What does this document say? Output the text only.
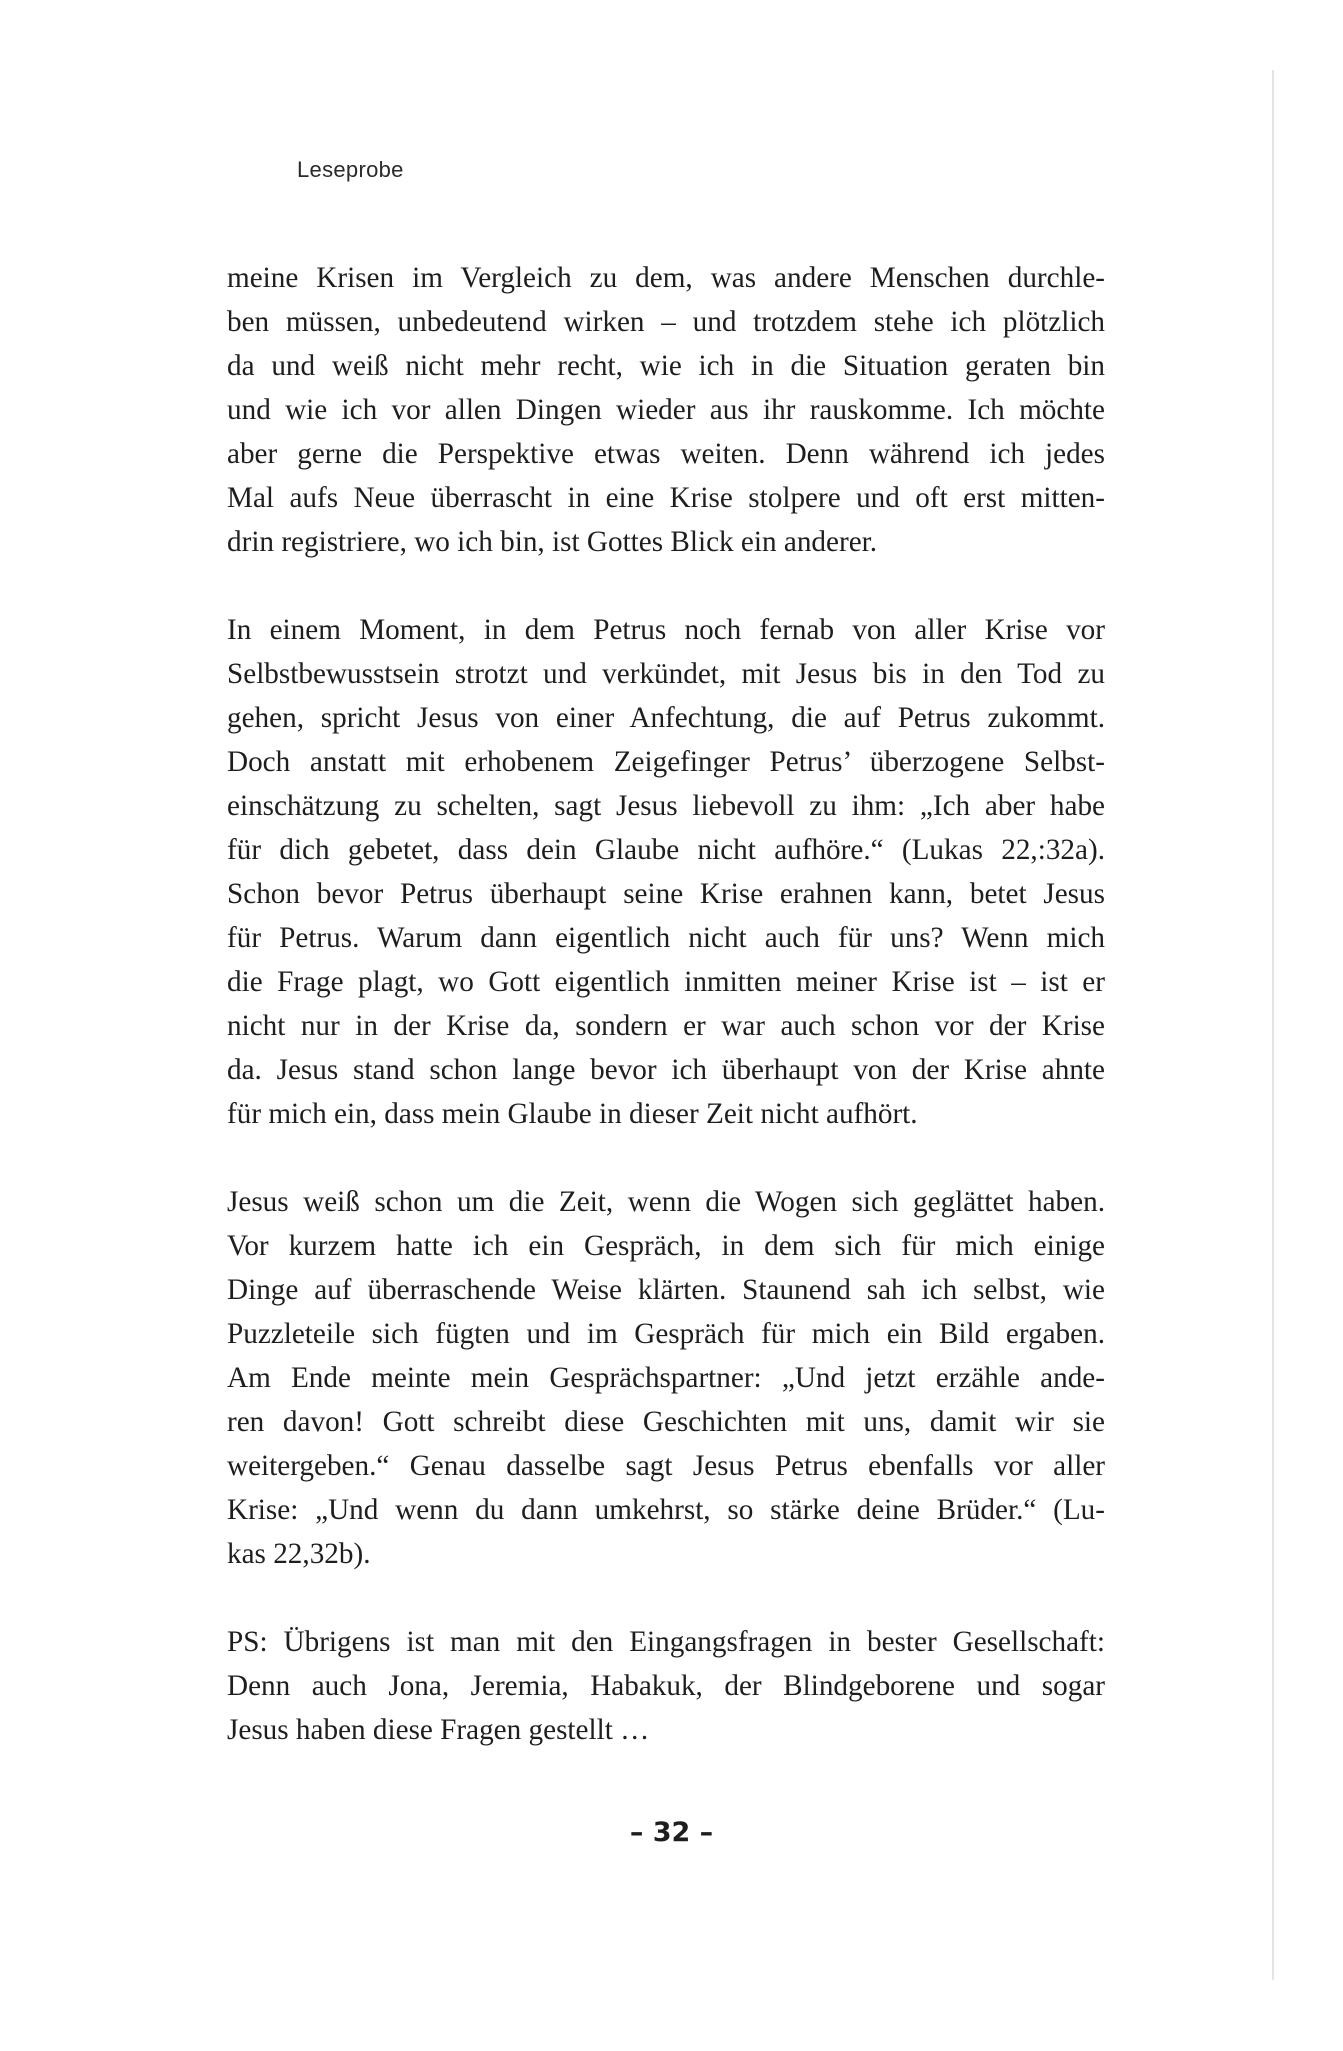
Leseprobe
meine Krisen im Vergleich zu dem, was andere Menschen durchle-
ben müssen, unbedeutend wirken – und trotzdem stehe ich plötzlich
da und weiß nicht mehr recht, wie ich in die Situation geraten bin
und wie ich vor allen Dingen wieder aus ihr rauskomme. Ich möchte
aber gerne die Perspektive etwas weiten. Denn während ich jedes
Mal aufs Neue überrascht in eine Krise stolpere und oft erst mitten-
drin registriere, wo ich bin, ist Gottes Blick ein anderer.
In einem Moment, in dem Petrus noch fernab von aller Krise vor
Selbstbewusstsein strotzt und verkündet, mit Jesus bis in den Tod zu
gehen, spricht Jesus von einer Anfechtung, die auf Petrus zukommt.
Doch anstatt mit erhobenem Zeigefinger Petrus’ überzogene Selbst-
einschätzung zu schelten, sagt Jesus liebevoll zu ihm: „Ich aber habe
für dich gebetet, dass dein Glaube nicht aufhöre.“ (Lukas 22,:32a).
Schon bevor Petrus überhaupt seine Krise erahnen kann, betet Jesus
für Petrus. Warum dann eigentlich nicht auch für uns? Wenn mich
die Frage plagt, wo Gott eigentlich inmitten meiner Krise ist – ist er
nicht nur in der Krise da, sondern er war auch schon vor der Krise
da. Jesus stand schon lange bevor ich überhaupt von der Krise ahnte
für mich ein, dass mein Glaube in dieser Zeit nicht aufhört.
Jesus weiß schon um die Zeit, wenn die Wogen sich geglättet haben.
Vor kurzem hatte ich ein Gespräch, in dem sich für mich einige
Dinge auf überraschende Weise klärten. Staunend sah ich selbst, wie
Puzzleteile sich fügten und im Gespräch für mich ein Bild ergaben.
Am Ende meinte mein Gesprächspartner: „Und jetzt erzähle ande-
ren davon! Gott schreibt diese Geschichten mit uns, damit wir sie
weitergeben.“ Genau dasselbe sagt Jesus Petrus ebenfalls vor aller
Krise: „Und wenn du dann umkehrst, so stärke deine Brüder.“ (Lu-
kas 22,32b).
PS: Übrigens ist man mit den Eingangsfragen in bester Gesellschaft:
Denn auch Jona, Jeremia, Habakuk, der Blindgeborene und sogar
Jesus haben diese Fragen gestellt …
– 32 –
